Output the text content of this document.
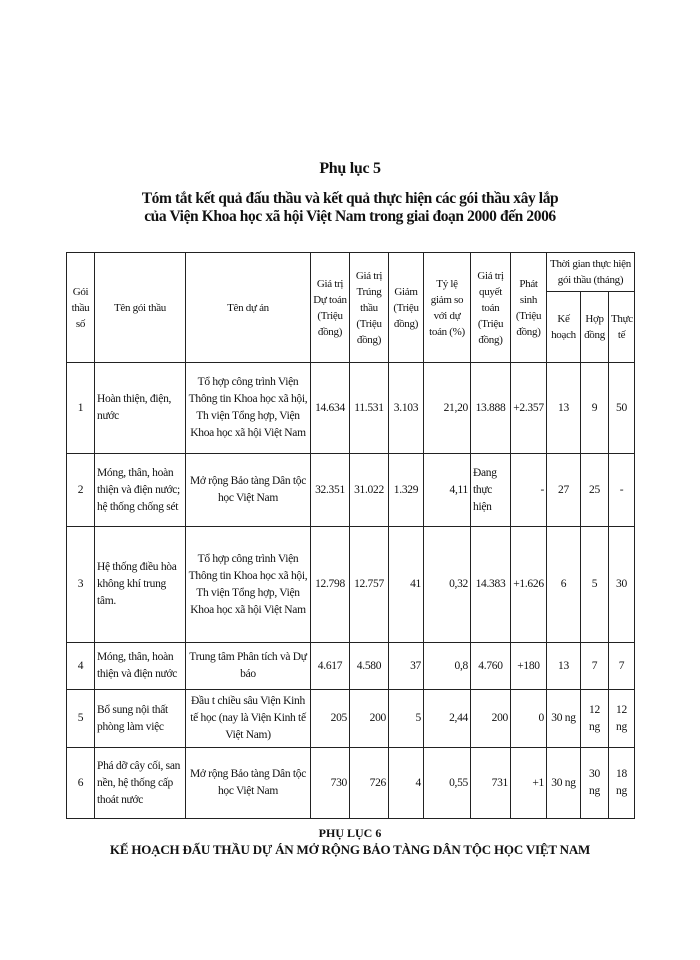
Phụ lục 5
Tóm tắt kết quả đấu thầu và kết quả thực hiện các gói thầu xây lắp
của Viện Khoa học xã hội Việt Nam trong giai đoạn 2000 đến 2006
Gói thầu số	Tên gói thầu	Tên dự án	Giá trị Dự toán (Triệu đồng)	Giá trị Trúng thầu (Triệu đồng)	Giảm (Triệu đồng)	Tỷ lệ giảm so với dự toán (%)	Giá trị quyết toán (Triệu đồng)	Phát sinh (Triệu đồng)	Thời gian thực hiện gói thầu (tháng)		
									Kế hoạch	Hợp đồng	Thực tế
1	Hoàn thiện, điện, nước	Tổ hợp công trình Viện Thông tin Khoa học xã hội, Th viện Tổng hợp, Viện Khoa học xã hội Việt Nam	14.634	11.531	3.103	21,20	13.888	+2.357	13	9	50
2	Móng, thân, hoàn thiện và điện nước; hệ thống chống sét	Mở rộng Bảo tàng Dân tộc học Việt Nam	32.351	31.022	1.329	4,11	Đang thực hiện	-	27	25	-
3	Hệ thống điều hòa không khí trung tâm.	Tổ hợp công trình Viện Thông tin Khoa học xã hội, Th viện Tổng hợp, Viện Khoa học xã hội Việt Nam	12.798	12.757	41	0,32	14.383	+1.626	6	5	30
4	Móng, thân, hoàn thiện và điện nước	Trung tâm Phân tích và Dự báo	4.617	4.580	37	0,8	4.760	+180	13	7	7
5	Bổ sung nội thất phòng làm việc	Đầu t chiều sâu Viện Kinh tế học (nay là Viện Kinh tế Việt Nam)	205	200	5	2,44	200	0	30 ng	12 ng	12 ng
6	Phá dỡ cây cối, san nền, hệ thống cấp thoát nước	Mở rộng Bảo tàng Dân tộc học Việt Nam	730	726	4	0,55	731	+1	30 ng	30 ng	18 ng
PHỤ LỤC 6
KẾ HOẠCH ĐẤU THẦU DỰ ÁN MỞ RỘNG BẢO TÀNG DÂN TỘC HỌC VIỆT NAM
